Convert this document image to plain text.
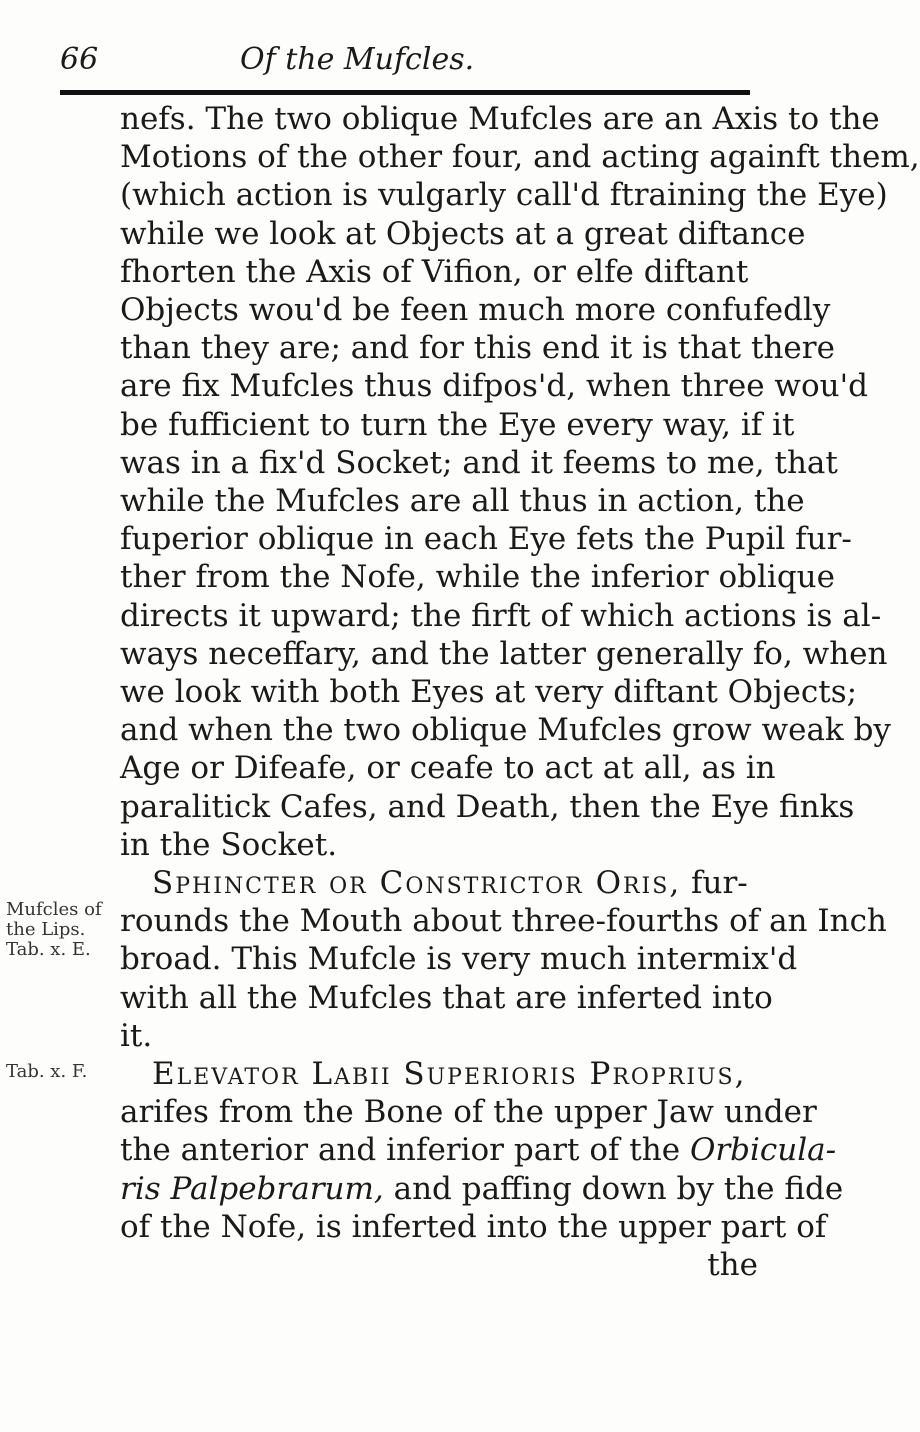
66	Of the Mufcles.
Mufcles of
the Lips.
Tab. x. E.
Tab. x. F.

nefs. The two oblique Mufcles are an Axis to the
Motions of the other four, and acting againft them,
(which action is vulgarly call'd ftraining the Eye)
while we look at Objects at a great diftance
fhorten the Axis of Vifion, or elfe diftant
Objects wou'd be feen much more confufedly
than they are; and for this end it is that there
are fix Mufcles thus difpos'd, when three wou'd
be fufficient to turn the Eye every way, if it
was in a fix'd Socket; and it feems to me, that
while the Mufcles are all thus in action, the
fuperior oblique in each Eye fets the Pupil fur-
ther from the Nofe, while the inferior oblique
directs it upward; the firft of which actions is al-
ways neceffary, and the latter generally fo, when
we look with both Eyes at very diftant Objects;
and when the two oblique Mufcles grow weak by
Age or Difeafe, or ceafe to act at all, as in
paralitick Cafes, and Death, then the Eye finks
in the Socket.

Sphincter or Constrictor Oris, fur-
rounds the Mouth about three-fourths of an Inch
broad. This Mufcle is very much intermix'd
with all the Mufcles that are inferted into
it.

Elevator Labii Superioris Proprius,
arifes from the Bone of the upper Jaw under
the anterior and inferior part of the Orbicula-
ris Palpebrarum, and paffing down by the fide
of the Nofe, is inferted into the upper part of
the
